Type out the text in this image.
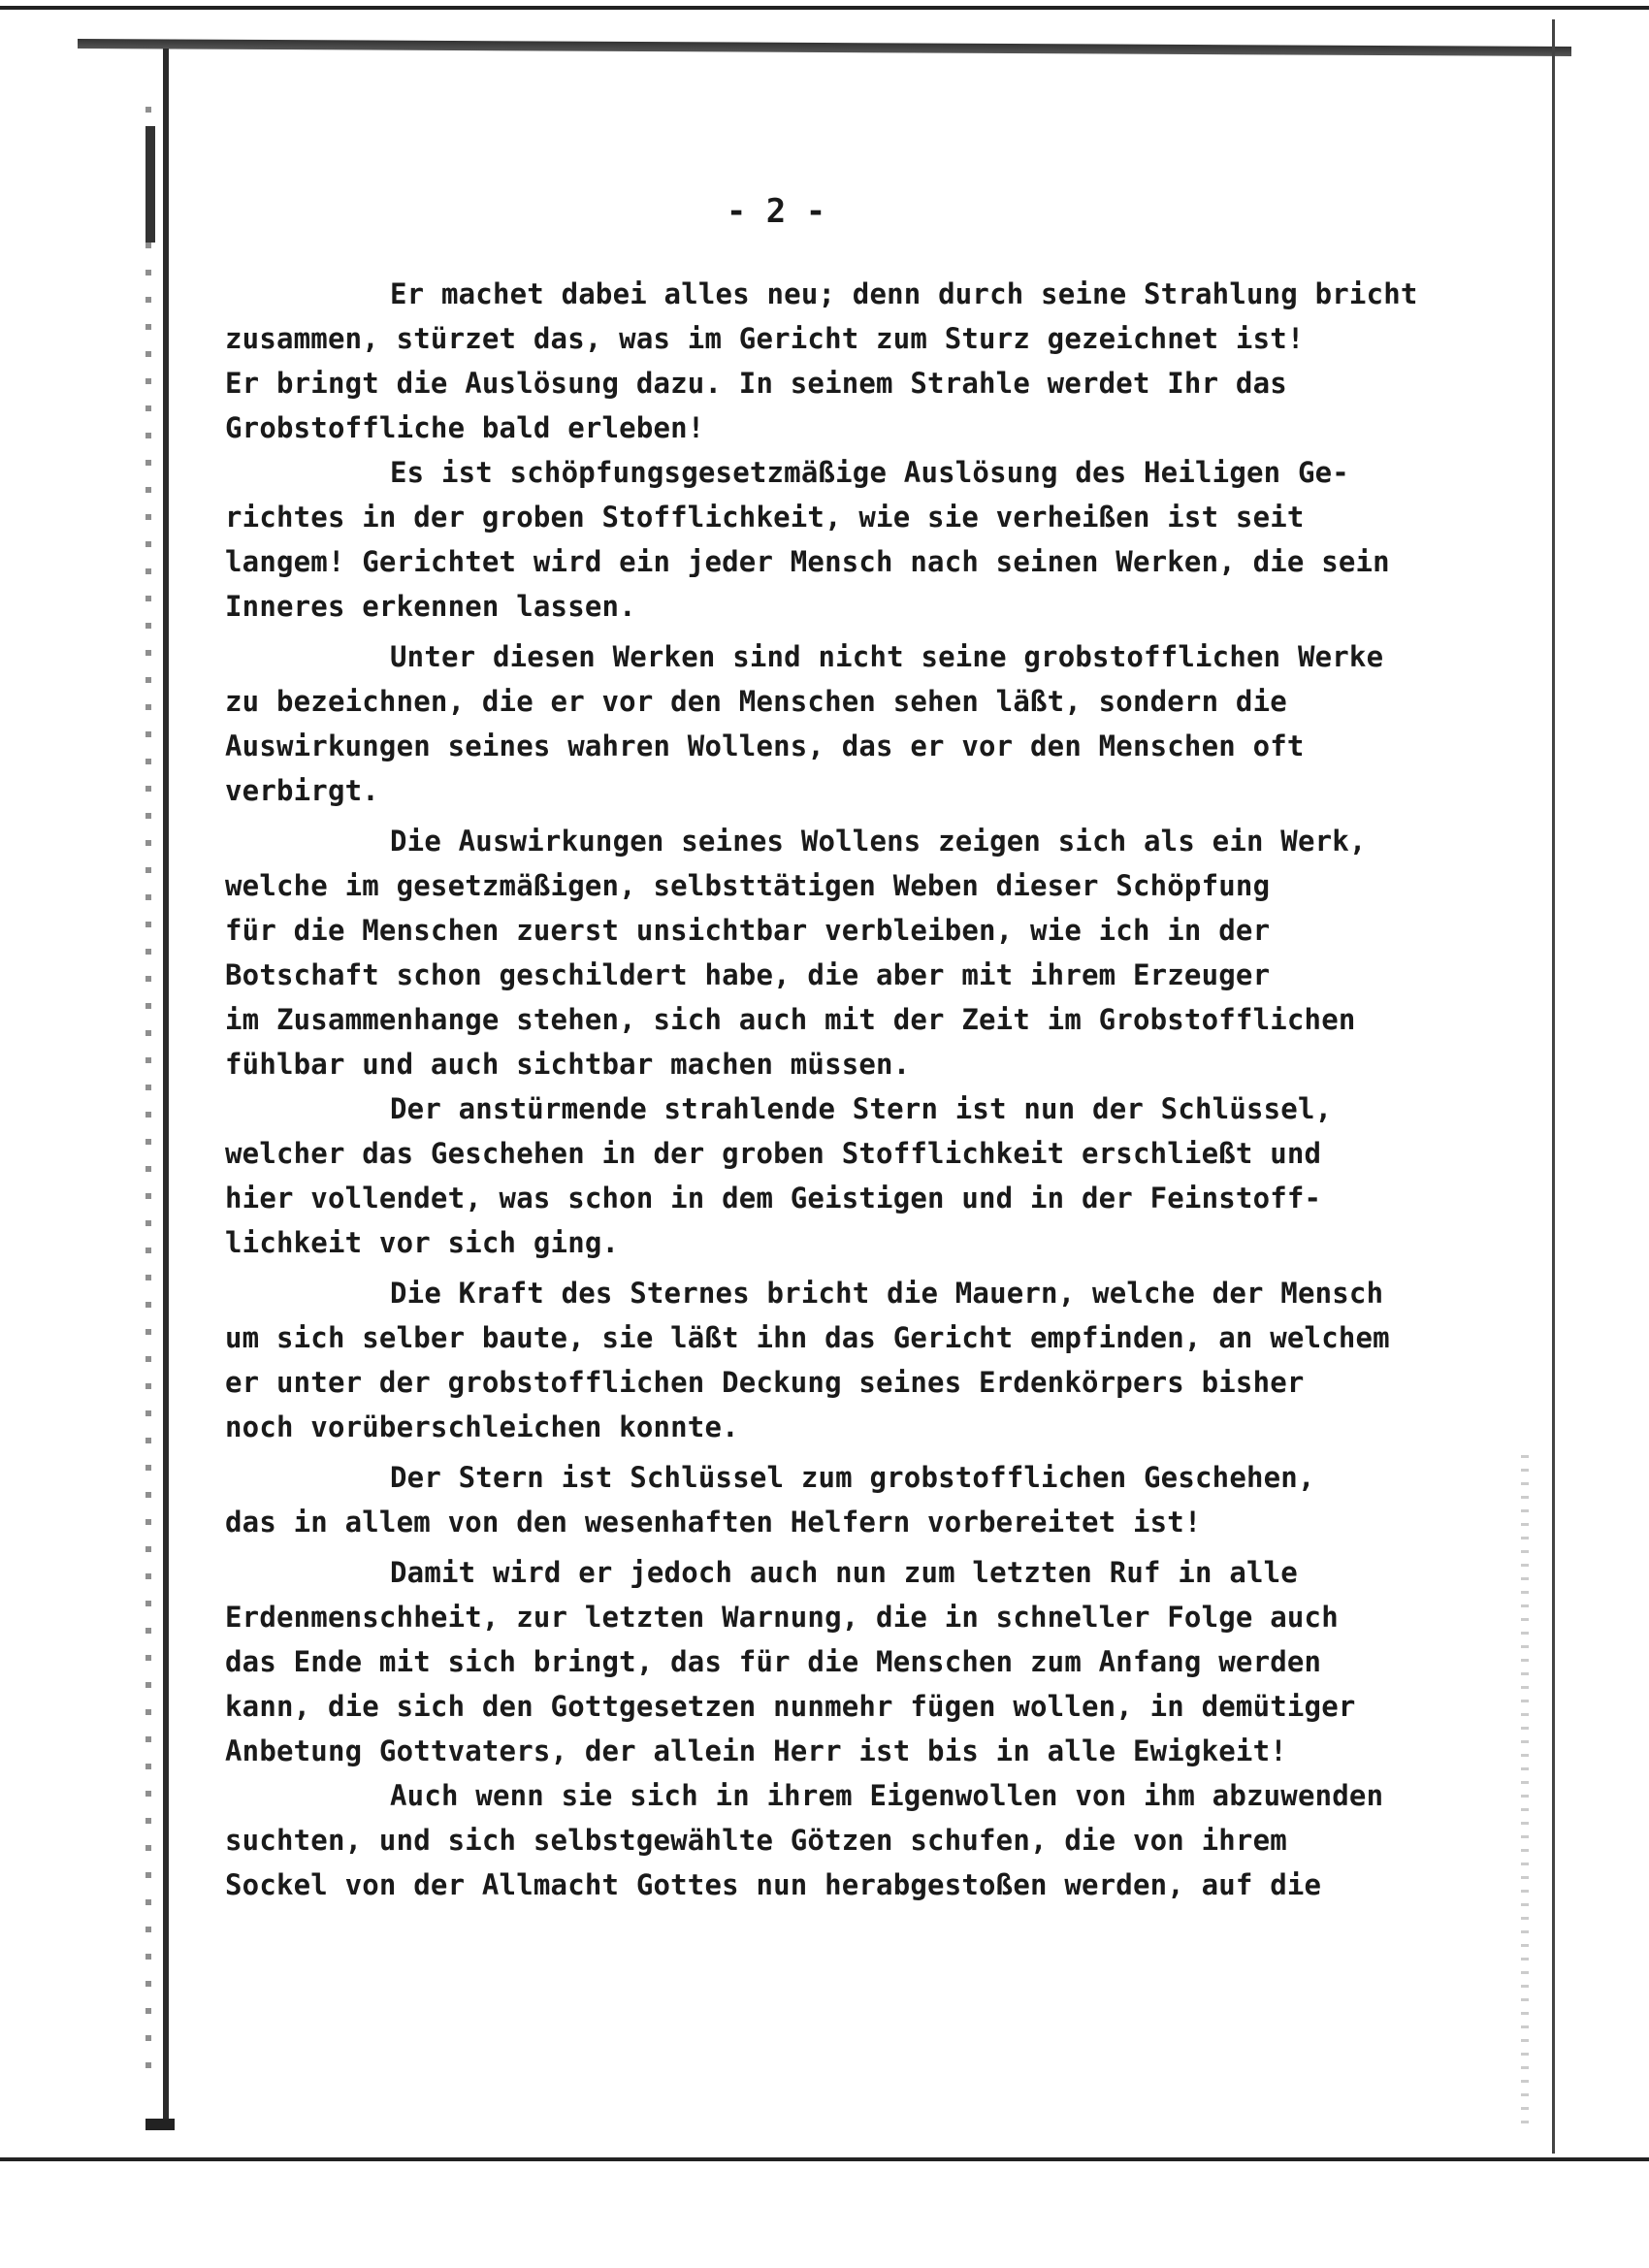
- 2 -
Er machet dabei alles neu; denn durch seine Strahlung bricht
zusammen, stürzet das, was im Gericht zum Sturz gezeichnet ist!
Er bringt die Auslösung dazu. In seinem Strahle werdet Ihr das
Grobstoffliche bald erleben!
Es ist schöpfungsgesetzmäßige Auslösung des Heiligen Ge-
richtes in der groben Stofflichkeit, wie sie verheißen ist seit
langem! Gerichtet wird ein jeder Mensch nach seinen Werken, die sein
Inneres erkennen lassen.
Unter diesen Werken sind nicht seine grobstofflichen Werke
zu bezeichnen, die er vor den Menschen sehen läßt, sondern die
Auswirkungen seines wahren Wollens, das er vor den Menschen oft
verbirgt.
Die Auswirkungen seines Wollens zeigen sich als ein Werk,
welche im gesetzmäßigen, selbsttätigen Weben dieser Schöpfung
für die Menschen zuerst unsichtbar verbleiben, wie ich in der
Botschaft schon geschildert habe, die aber mit ihrem Erzeuger
im Zusammenhange stehen, sich auch mit der Zeit im Grobstofflichen
fühlbar und auch sichtbar machen müssen.
Der anstürmende strahlende Stern ist nun der Schlüssel,
welcher das Geschehen in der groben Stofflichkeit erschließt und
hier vollendet, was schon in dem Geistigen und in der Feinstoff-
lichkeit vor sich ging.
Die Kraft des Sternes bricht die Mauern, welche der Mensch
um sich selber baute, sie läßt ihn das Gericht empfinden, an welchem
er unter der grobstofflichen Deckung seines Erdenkörpers bisher
noch vorüberschleichen konnte.
Der Stern ist Schlüssel zum grobstofflichen Geschehen,
das in allem von den wesenhaften Helfern vorbereitet ist!
Damit wird er jedoch auch nun zum letzten Ruf in alle
Erdenmenschheit, zur letzten Warnung, die in schneller Folge auch
das Ende mit sich bringt, das für die Menschen zum Anfang werden
kann, die sich den Gottgesetzen nunmehr fügen wollen, in demütiger
Anbetung Gottvaters, der allein Herr ist bis in alle Ewigkeit!
Auch wenn sie sich in ihrem Eigenwollen von ihm abzuwenden
suchten, und sich selbstgewählte Götzen schufen, die von ihrem
Sockel von der Allmacht Gottes nun herabgestoßen werden, auf die
